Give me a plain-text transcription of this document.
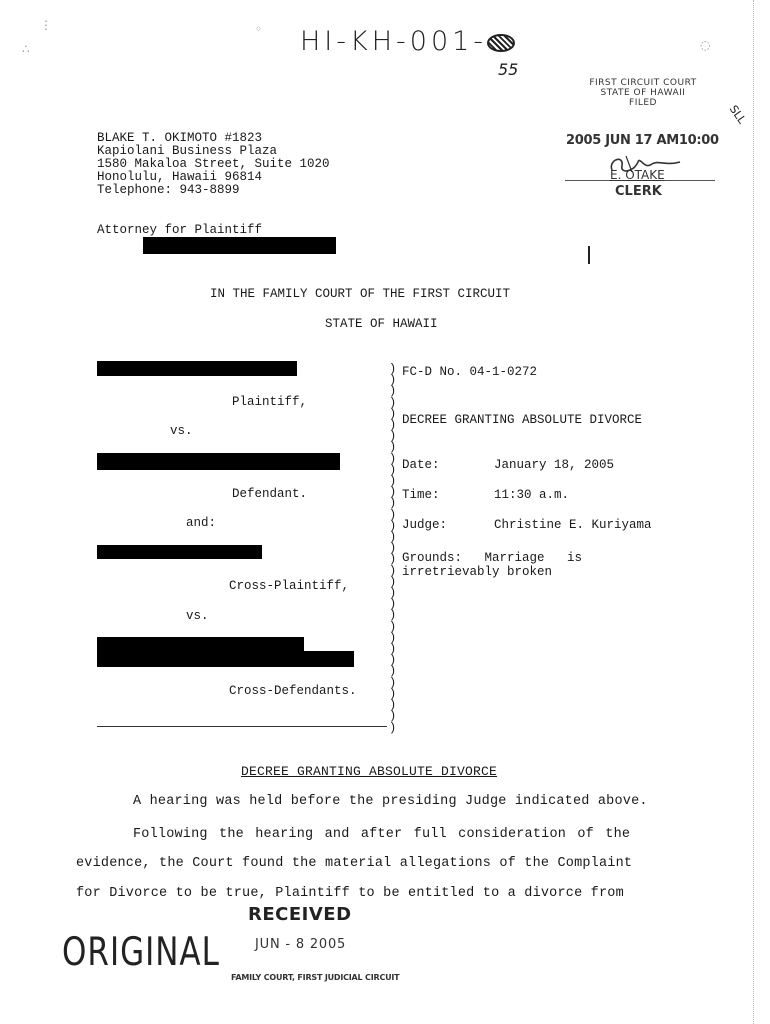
⋮
∴
◦
◌
HI-KH-001-
55
FIRST CIRCUIT COURT
STATE OF HAWAII
FILED
2005 JUN 17 AM10:00
E. OTAKE
CLERK
SLL
BLAKE T. OKIMOTO #1823
Kapiolani Business Plaza
1580 Makaloa Street, Suite 1020
Honolulu, Hawaii 96814
Telephone: 943-8899
Attorney for Plaintiff
IN THE FAMILY COURT OF THE FIRST CIRCUIT
STATE OF HAWAII
Plaintiff,
vs.
Defendant.
and:
Cross-Plaintiff,
vs.
Cross-Defendants.
)
)
)
)
)
)
)
)
)
)
)
)
)
)
)
)
)
)
)
)
)
)
)
)
)
)
)
)
)
)
)
)
)
FC-D No. 04-1-0272
DECREE GRANTING ABSOLUTE DIVORCE
Date:	January 18, 2005
Time:	11:30 a.m.
Judge:	Christine E. Kuriyama
Grounds:   Marriage   is
irretrievably broken
DECREE GRANTING ABSOLUTE DIVORCE
A hearing was held before the presiding Judge indicated above.
Following the hearing and after full consideration of the
evidence, the Court found the material allegations of the Complaint
for Divorce to be true, Plaintiff to be entitled to a divorce from
RECEIVED
JUN - 8 2005
FAMILY COURT, FIRST JUDICIAL CIRCUIT
ORIGINAL
